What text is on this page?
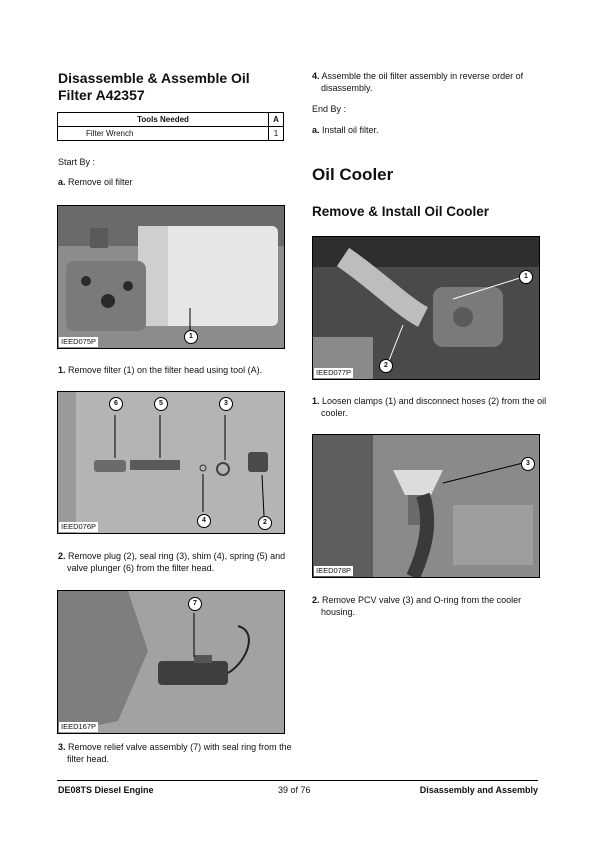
Disassemble & Assemble Oil Filter A42357
Tools Needed	A
Filter Wrench	1
Start By :
a. Remove oil filter
1
IEED075P
1. Remove filter (1) on the filter head using tool (A).
6	5	3
4	2
IEED076P
2. Remove plug (2), seal ring (3), shim (4), spring (5) and valve plunger (6) from the filter head.
7
IEED167P
3. Remove relief valve assembly (7) with seal ring from the filter head.
4. Assemble the oil filter assembly in reverse order of disassembly.
End By :
a. Install oil filter.
Oil Cooler
Remove & Install Oil Cooler
1
2
IEED077P
1. Loosen clamps (1) and disconnect hoses (2) from the oil cooler.
3
IEED078P
2. Remove PCV valve (3) and O-ring from the cooler housing.
DE08TS Diesel Engine	39 of 76	Disassembly and Assembly
